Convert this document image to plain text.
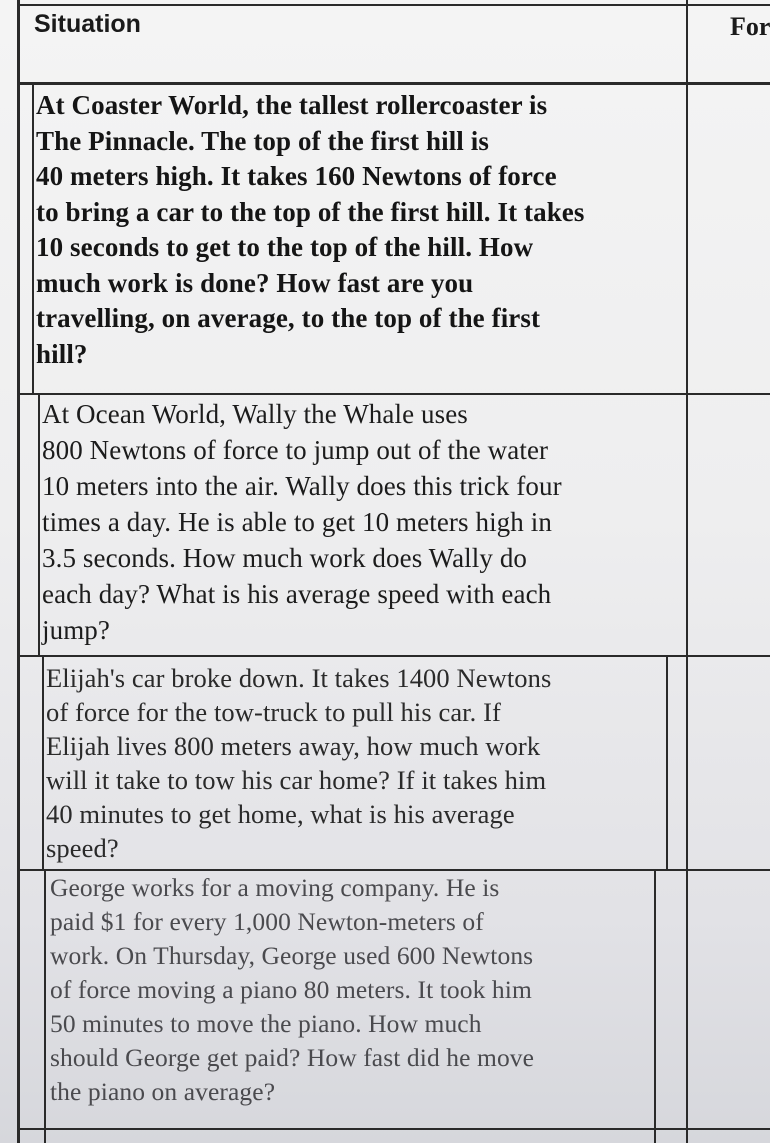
Situation	For
At Coaster World, the tallest rollercoaster is
The Pinnacle. The top of the first hill is
40 meters high. It takes 160 Newtons of force
to bring a car to the top of the first hill. It takes
10 seconds to get to the top of the hill. How
much work is done? How fast are you
travelling, on average, to the top of the first
hill?
At Ocean World, Wally the Whale uses
800 Newtons of force to jump out of the water
10 meters into the air. Wally does this trick four
times a day. He is able to get 10 meters high in
3.5 seconds. How much work does Wally do
each day? What is his average speed with each
jump?
Elijah's car broke down. It takes 1400 Newtons
of force for the tow-truck to pull his car. If
Elijah lives 800 meters away, how much work
will it take to tow his car home? If it takes him
40 minutes to get home, what is his average
speed?
George works for a moving company. He is
paid $1 for every 1,000 Newton-meters of
work. On Thursday, George used 600 Newtons
of force moving a piano 80 meters. It took him
50 minutes to move the piano. How much
should George get paid? How fast did he move
the piano on average?
